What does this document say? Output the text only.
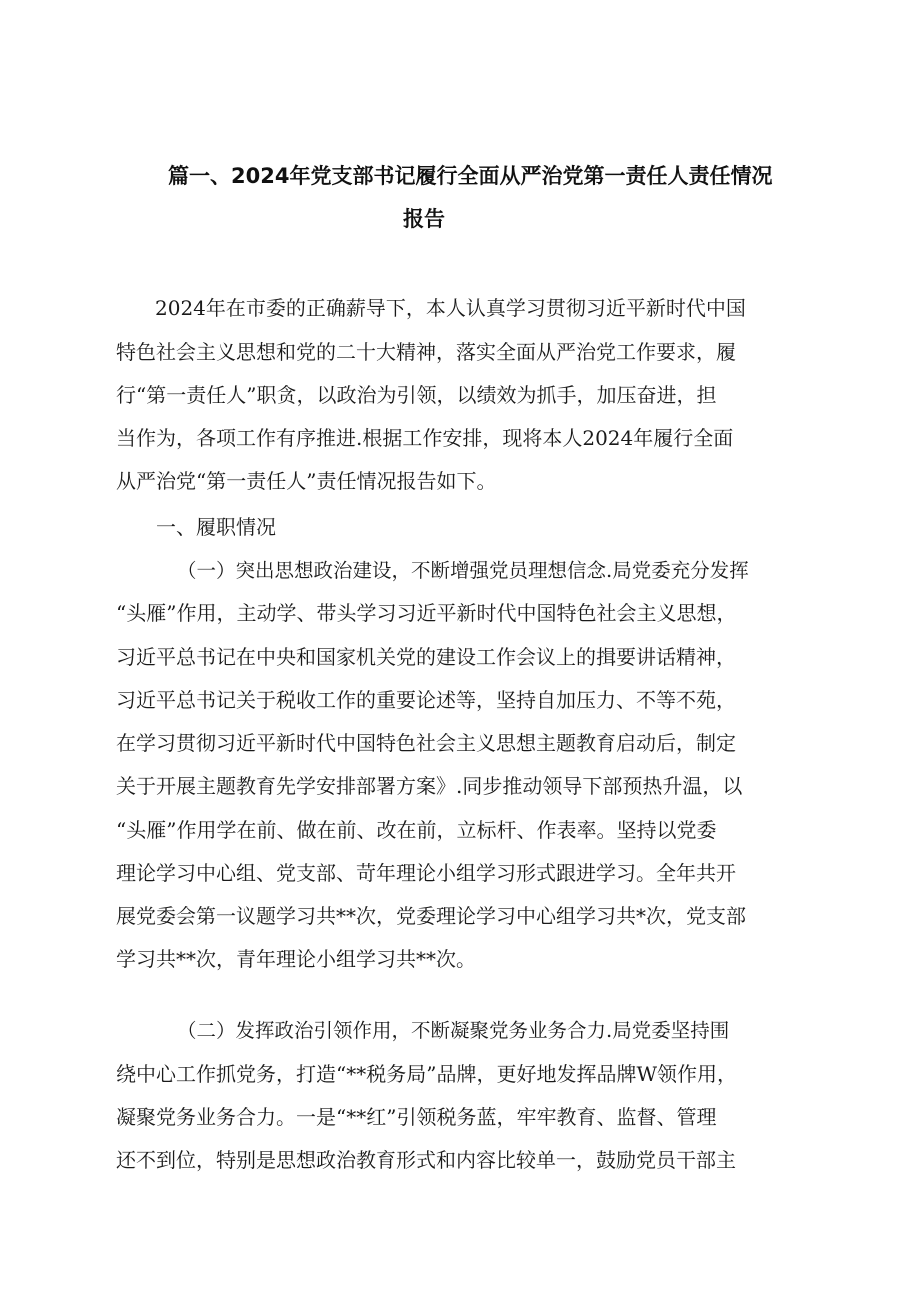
篇一、2024年党支部书记履行全面从严治党第一责任人责任情况
报告
2024年在市委的正确薪导下，本人认真学习贯彻习近平新时代中国
特色社会主义思想和党的二十大精神，落实全面从严治党工作要求，履
行“第一责任人”职贪，以政治为引领，以绩效为抓手，加压奋进，担
当作为，各项工作有序推进.根据工作安排，现将本人2024年履行全面
从严治党“第一责任人”责任情况报告如下。
一、履职情况
（一）突出思想政治建设，不断增强党员理想信念.局党委充分发挥
“头雁”作用，主动学、带头学习习近平新时代中国特色社会主义思想，
习近平总书记在中央和国家机关党的建设工作会议上的揖要讲话精神，
习近平总书记关于税收工作的重要论述等，坚持自加压力、不等不苑，
在学习贯彻习近平新时代中国特色社会主义思想主题教育启动后，制定
关于开展主题教育先学安排部署方案》.同步推动领导下部预热升温，以
“头雁”作用学在前、做在前、改在前，立标杆、作表率。坚持以党委
理论学习中心组、党支部、苛年理论小组学习形式跟进学习。全年共开
展党委会第一议题学习共**次，党委理论学习中心组学习共*次，党支部
学习共**次，青年理论小组学习共**次。
（二）发挥政治引领作用，不断凝聚党务业务合力.局党委坚持围
绕中心工作抓党务，打造“**税务局”品牌，更好地发挥品牌W领作用，
凝聚党务业务合力。一是“**红”引领税务蓝，牢牢教育、监督、管理
还不到位，特别是思想政治教育形式和内容比较单一，鼓励党员干部主
